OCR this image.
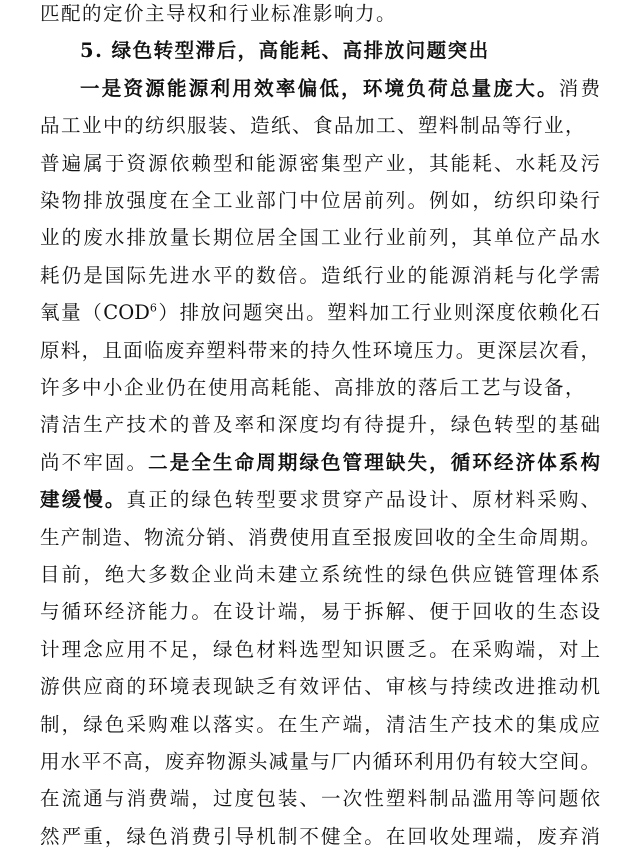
匹配的定价主导权和行业标准影响力。
5. 绿色转型滞后，高能耗、高排放问题突出
一是资源能源利用效率偏低，环境负荷总量庞大。消费
品工业中的纺织服装、造纸、食品加工、塑料制品等行业，
普遍属于资源依赖型和能源密集型产业，其能耗、水耗及污
染物排放强度在全工业部门中位居前列。例如，纺织印染行
业的废水排放量长期位居全国工业行业前列，其单位产品水
耗仍是国际先进水平的数倍。造纸行业的能源消耗与化学需
氧量（COD$^6$）排放问题突出。塑料加工行业则深度依赖化石
原料，且面临废弃塑料带来的持久性环境压力。更深层次看，
许多中小企业仍在使用高耗能、高排放的落后工艺与设备，
清洁生产技术的普及率和深度均有待提升，绿色转型的基础
尚不牢固。二是全生命周期绿色管理缺失，循环经济体系构
建缓慢。真正的绿色转型要求贯穿产品设计、原材料采购、
生产制造、物流分销、消费使用直至报废回收的全生命周期。
目前，绝大多数企业尚未建立系统性的绿色供应链管理体系
与循环经济能力。在设计端，易于拆解、便于回收的生态设
计理念应用不足，绿色材料选型知识匮乏。在采购端，对上
游供应商的环境表现缺乏有效评估、审核与持续改进推动机
制，绿色采购难以落实。在生产端，清洁生产技术的集成应
用水平不高，废弃物源头减量与厂内循环利用仍有较大空间。
在流通与消费端，过度包装、一次性塑料制品滥用等问题依
然严重，绿色消费引导机制不健全。在回收处理端，废弃消
